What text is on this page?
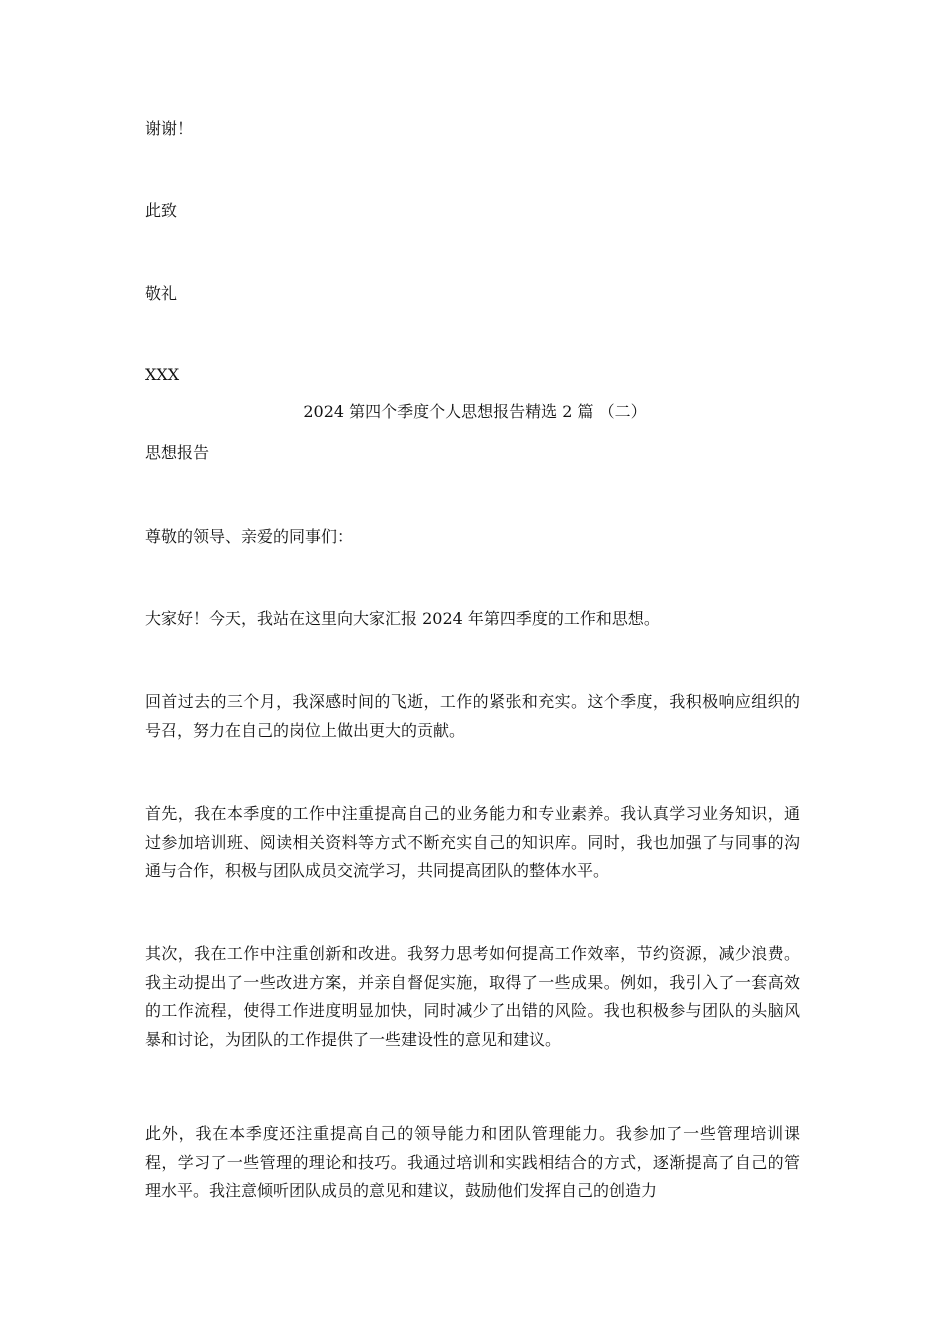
谢谢！
此致
敬礼
XXX
2024 第四个季度个人思想报告精选 2 篇 （二）
思想报告
尊敬的领导、亲爱的同事们：

大家好！今天，我站在这里向大家汇报 2024 年第四季度的工作和思想。

回首过去的三个月，我深感时间的飞逝，工作的紧张和充实。这个季度，我积极响应组织的号召，努力在自己的岗位上做出更大的贡献。

首先，我在本季度的工作中注重提高自己的业务能力和专业素养。我认真学习业务知识，通过参加培训班、阅读相关资料等方式不断充实自己的知识库。同时，我也加强了与同事的沟通与合作，积极与团队成员交流学习，共同提高团队的整体水平。

其次，我在工作中注重创新和改进。我努力思考如何提高工作效率，节约资源，减少浪费。我主动提出了一些改进方案，并亲自督促实施，取得了一些成果。例如，我引入了一套高效的工作流程，使得工作进度明显加快，同时减少了出错的风险。我也积极参与团队的头脑风暴和讨论，为团队的工作提供了一些建设性的意见和建议。

此外，我在本季度还注重提高自己的领导能力和团队管理能力。我参加了一些管理培训课程，学习了一些管理的理论和技巧。我通过培训和实践相结合的方式，逐渐提高了自己的管理水平。我注意倾听团队成员的意见和建议，鼓励他们发挥自己的创造力
